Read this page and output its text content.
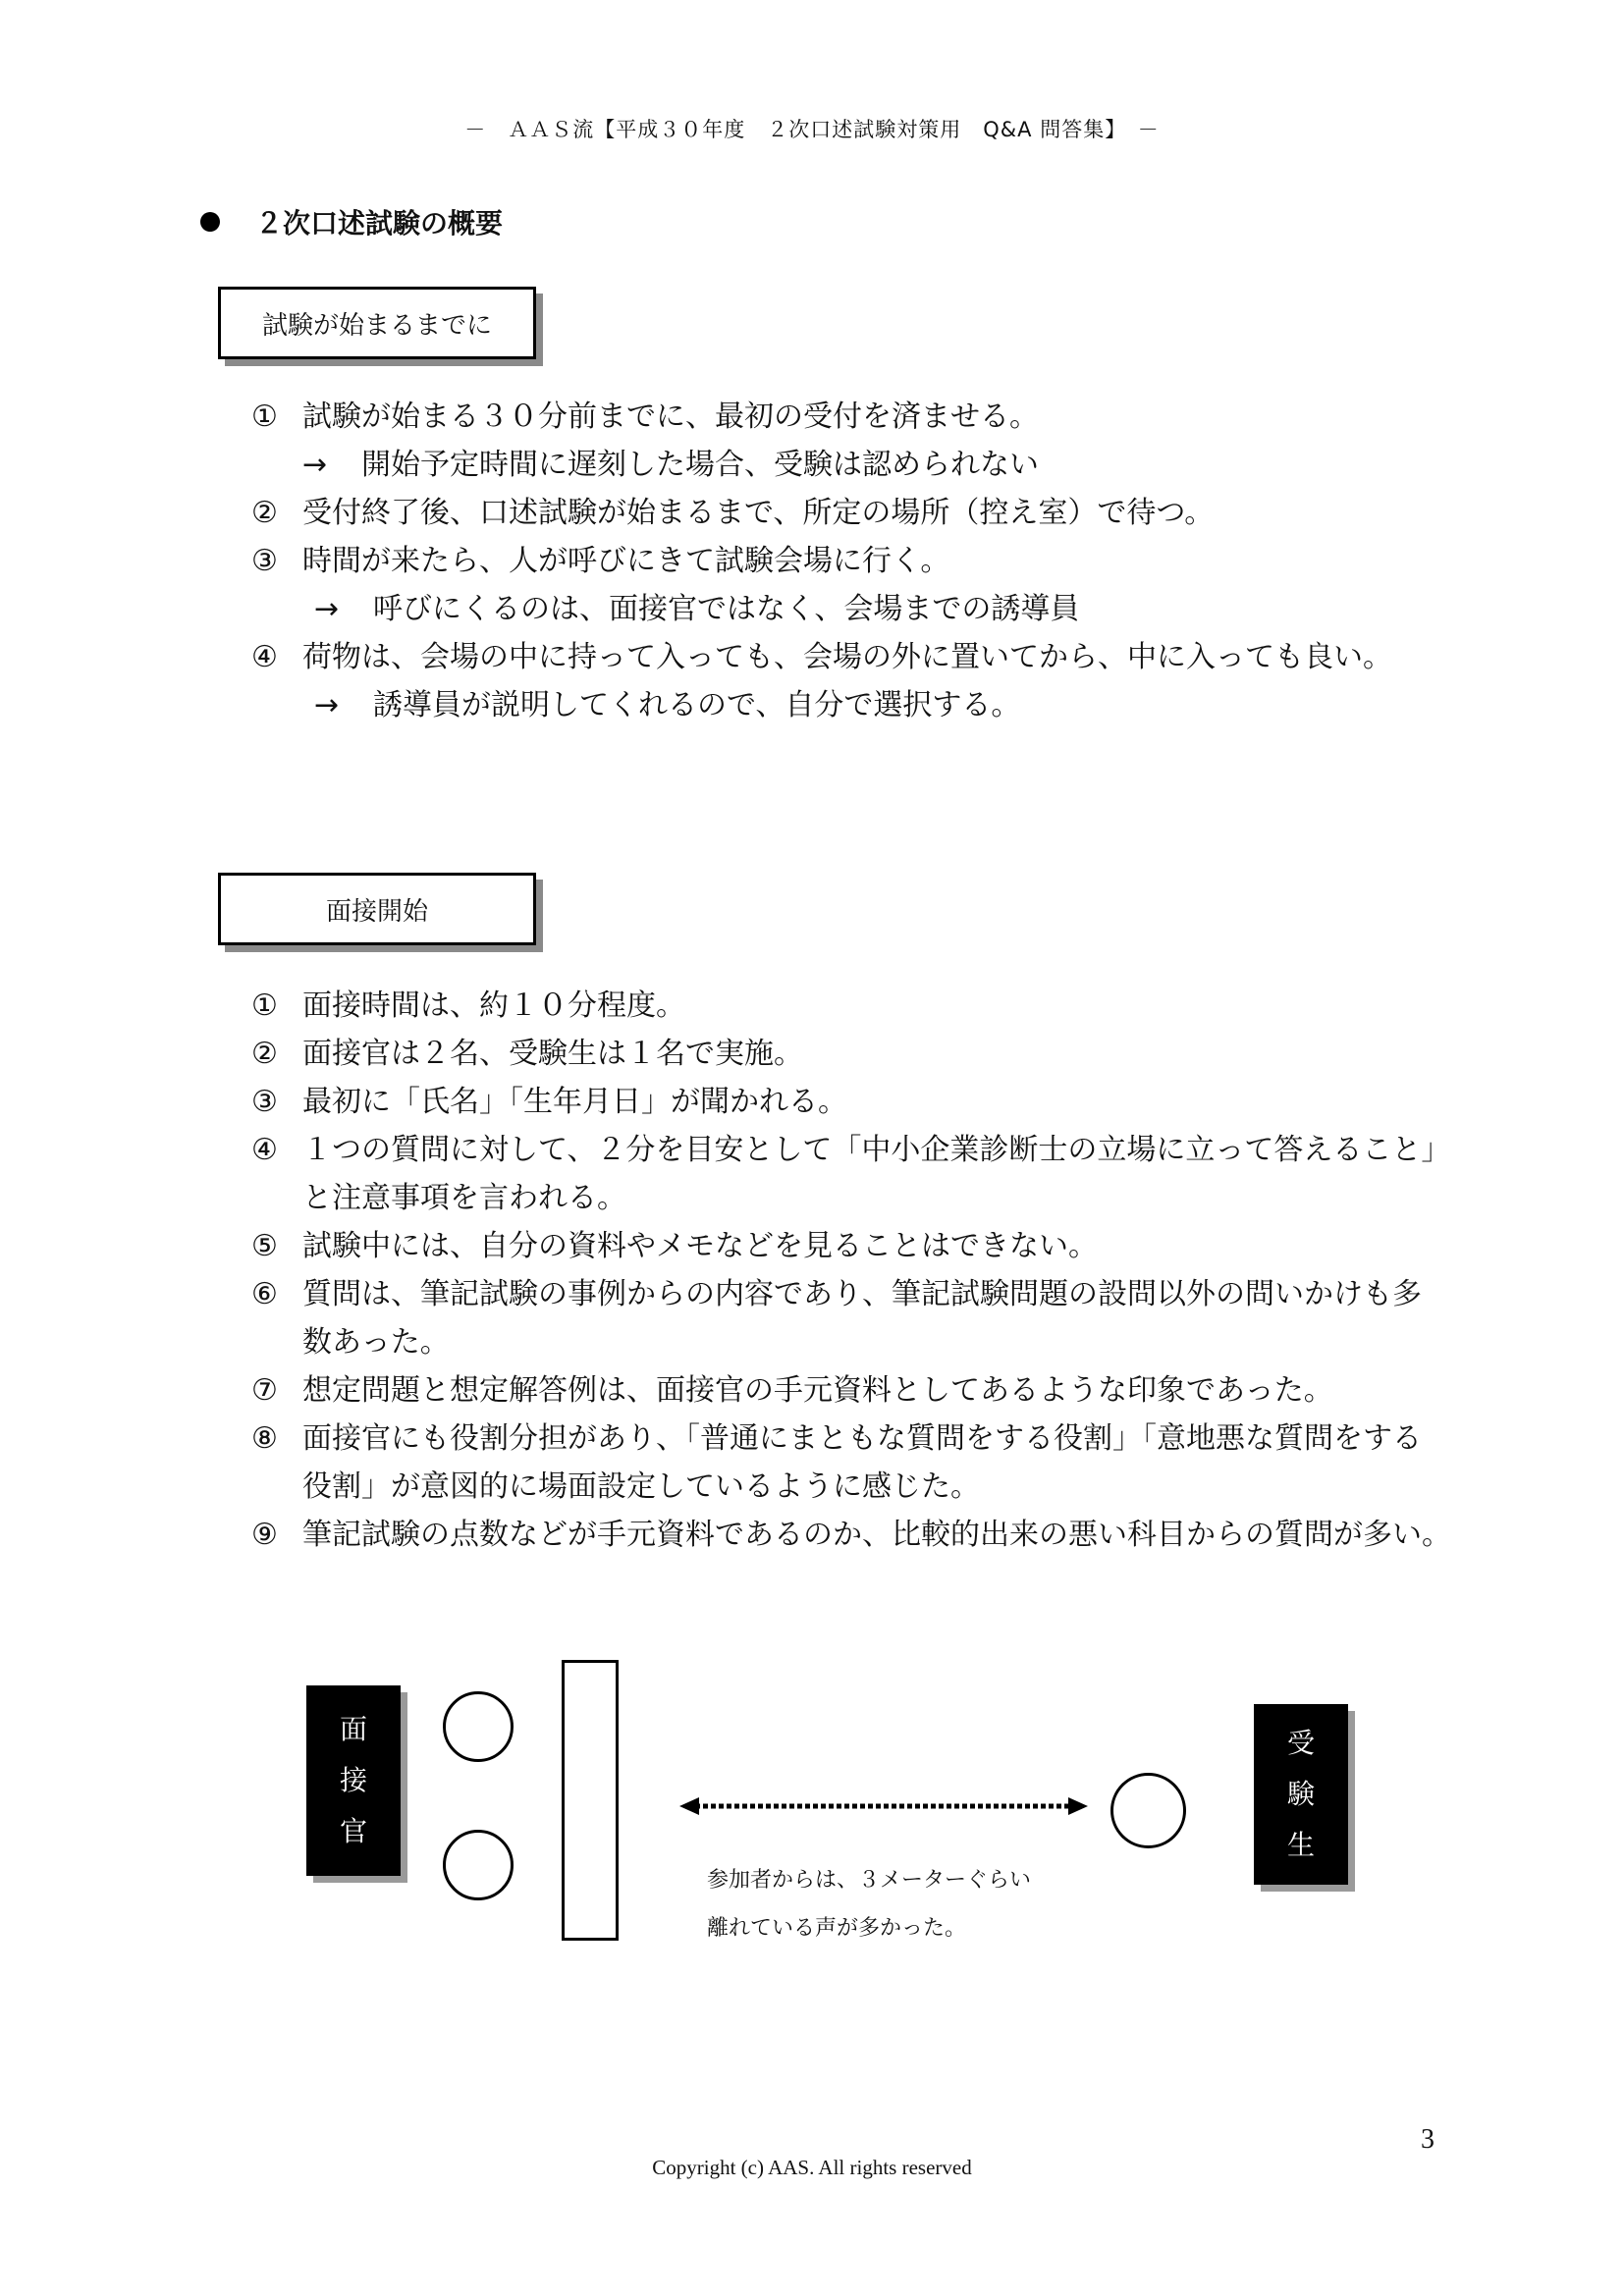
－　ＡＡＳ流【平成３０年度　２次口述試験対策用　Q&A 問答集】　－
２次口述試験の概要
試験が始まるまでに
① 試験が始まる３０分前までに、最初の受付を済ませる。
→ 開始予定時間に遅刻した場合、受験は認められない
② 受付終了後、口述試験が始まるまで、所定の場所（控え室）で待つ。
③ 時間が来たら、人が呼びにきて試験会場に行く。
→ 呼びにくるのは、面接官ではなく、会場までの誘導員
④ 荷物は、会場の中に持って入っても、会場の外に置いてから、中に入っても良い。
→ 誘導員が説明してくれるので、自分で選択する。
面接開始
① 面接時間は、約１０分程度。
② 面接官は２名、受験生は１名で実施。
③ 最初に「氏名」「生年月日」が聞かれる。
④ １つの質問に対して、２分を目安として「中小企業診断士の立場に立って答えること」
と注意事項を言われる。
⑤ 試験中には、自分の資料やメモなどを見ることはできない。
⑥ 質問は、筆記試験の事例からの内容であり、筆記試験問題の設問以外の問いかけも多
数あった。
⑦ 想定問題と想定解答例は、面接官の手元資料としてあるような印象であった。
⑧ 面接官にも役割分担があり、「普通にまともな質問をする役割」「意地悪な質問をする
役割」が意図的に場面設定しているように感じた。
⑨ 筆記試験の点数などが手元資料であるのか、比較的出来の悪い科目からの質問が多い。
面
接
官
受
験
生
参加者からは、３メーターぐらい
離れている声が多かった。
3
Copyright (c) AAS. All rights reserved
